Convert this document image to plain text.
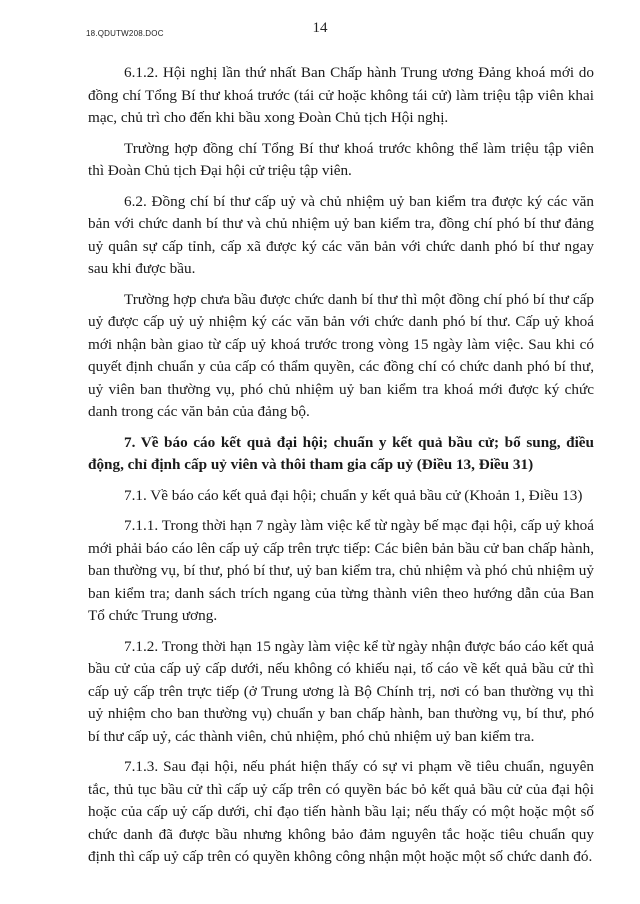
18.QDUTW208.DOC	14

6.1.2. Hội nghị lần thứ nhất Ban Chấp hành Trung ương Đảng khoá mới do đồng chí Tổng Bí thư khoá trước (tái cử hoặc không tái cử) làm triệu tập viên khai mạc, chủ trì cho đến khi bầu xong Đoàn Chủ tịch Hội nghị.

Trường hợp đồng chí Tổng Bí thư khoá trước không thể làm triệu tập viên thì Đoàn Chủ tịch Đại hội cử triệu tập viên.

6.2. Đồng chí bí thư cấp uỷ và chủ nhiệm uỷ ban kiểm tra được ký các văn bản với chức danh bí thư và chủ nhiệm uỷ ban kiểm tra, đồng chí phó bí thư đảng uỷ quân sự cấp tỉnh, cấp xã được ký các văn bản với chức danh phó bí thư ngay sau khi được bầu.

Trường hợp chưa bầu được chức danh bí thư thì một đồng chí phó bí thư cấp uỷ được cấp uỷ uỷ nhiệm ký các văn bản với chức danh phó bí thư. Cấp uỷ khoá mới nhận bàn giao từ cấp uỷ khoá trước trong vòng 15 ngày làm việc. Sau khi có quyết định chuẩn y của cấp có thẩm quyền, các đồng chí có chức danh phó bí thư, uỷ viên ban thường vụ, phó chủ nhiệm uỷ ban kiểm tra khoá mới được ký chức danh trong các văn bản của đảng bộ.

7. Về báo cáo kết quả đại hội; chuẩn y kết quả bầu cử; bổ sung, điều động, chỉ định cấp uỷ viên và thôi tham gia cấp uỷ (Điều 13, Điều 31)

7.1. Về báo cáo kết quả đại hội; chuẩn y kết quả bầu cử (Khoản 1, Điều 13)

7.1.1. Trong thời hạn 7 ngày làm việc kể từ ngày bế mạc đại hội, cấp uỷ khoá mới phải báo cáo lên cấp uỷ cấp trên trực tiếp: Các biên bản bầu cử ban chấp hành, ban thường vụ, bí thư, phó bí thư, uỷ ban kiểm tra, chủ nhiệm và phó chủ nhiệm uỷ ban kiểm tra; danh sách trích ngang của từng thành viên theo hướng dẫn của Ban Tổ chức Trung ương.

7.1.2. Trong thời hạn 15 ngày làm việc kể từ ngày nhận được báo cáo kết quả bầu cử của cấp uỷ cấp dưới, nếu không có khiếu nại, tố cáo về kết quả bầu cử thì cấp uỷ cấp trên trực tiếp (ở Trung ương là Bộ Chính trị, nơi có ban thường vụ thì uỷ nhiệm cho ban thường vụ) chuẩn y ban chấp hành, ban thường vụ, bí thư, phó bí thư cấp uỷ, các thành viên, chủ nhiệm, phó chủ nhiệm uỷ ban kiểm tra.

7.1.3. Sau đại hội, nếu phát hiện thấy có sự vi phạm về tiêu chuẩn, nguyên tắc, thủ tục bầu cử thì cấp uỷ cấp trên có quyền bác bỏ kết quả bầu cử của đại hội hoặc của cấp uỷ cấp dưới, chỉ đạo tiến hành bầu lại; nếu thấy có một hoặc một số chức danh đã được bầu nhưng không bảo đảm nguyên tắc hoặc tiêu chuẩn quy định thì cấp uỷ cấp trên có quyền không công nhận một hoặc một số chức danh đó.
